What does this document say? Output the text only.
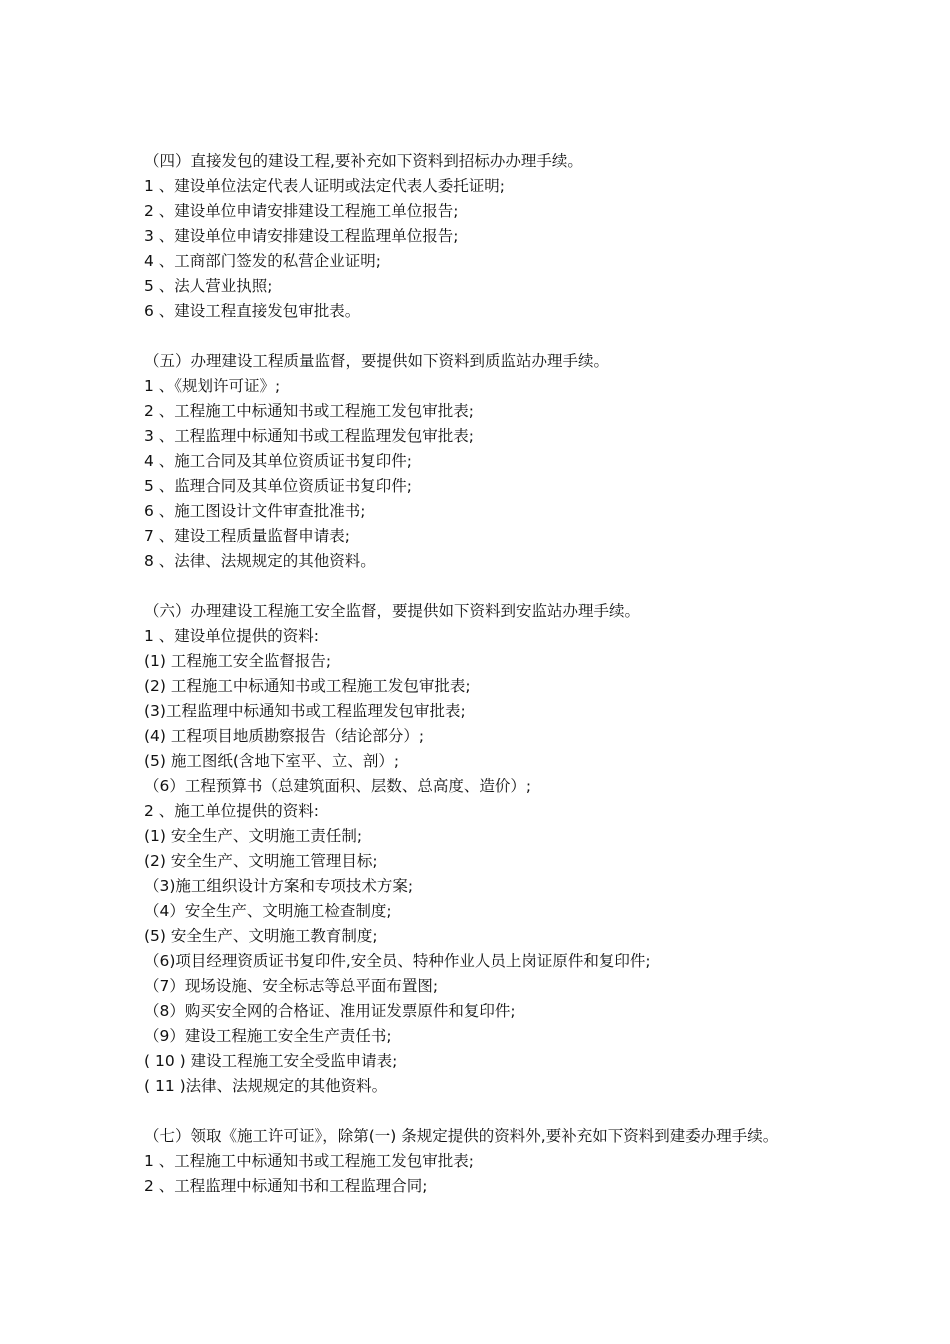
（四）直接发包的建设工程,要补充如下资料到招标办办理手续。
1 、建设单位法定代表人证明或法定代表人委托证明;
2 、建设单位申请安排建设工程施工单位报告;
3 、建设单位申请安排建设工程监理单位报告;
4 、工商部门签发的私营企业证明;
5 、法人营业执照;
6 、建设工程直接发包审批表。
（五）办理建设工程质量监督，要提供如下资料到质监站办理手续。
1 、《规划许可证》;
2 、工程施工中标通知书或工程施工发包审批表;
3 、工程监理中标通知书或工程监理发包审批表;
4 、施工合同及其单位资质证书复印件;
5 、监理合同及其单位资质证书复印件;
6 、施工图设计文件审查批准书;
7 、建设工程质量监督申请表;
8 、法律、法规规定的其他资料。
（六）办理建设工程施工安全监督，要提供如下资料到安监站办理手续。
1 、建设单位提供的资料:
(1) 工程施工安全监督报告;
(2) 工程施工中标通知书或工程施工发包审批表;
(3)工程监理中标通知书或工程监理发包审批表;
(4) 工程项目地质勘察报告（结论部分）;
(5) 施工图纸(含地下室平、立、剖）;
（6）工程预算书（总建筑面积、层数、总高度、造价）;
2 、施工单位提供的资料:
(1) 安全生产、文明施工责任制;
(2) 安全生产、文明施工管理目标;
（3)施工组织设计方案和专项技术方案;
（4）安全生产、文明施工检查制度;
(5) 安全生产、文明施工教育制度;
（6)项目经理资质证书复印件,安全员、特种作业人员上岗证原件和复印件;
（7）现场设施、安全标志等总平面布置图;
（8）购买安全网的合格证、准用证发票原件和复印件;
（9）建设工程施工安全生产责任书;
( 10 ) 建设工程施工安全受监申请表;
( 11 )法律、法规规定的其他资料。
（七）领取《施工许可证》，除第(一) 条规定提供的资料外,要补充如下资料到建委办理手续。
1 、工程施工中标通知书或工程施工发包审批表;
2 、工程监理中标通知书和工程监理合同;
